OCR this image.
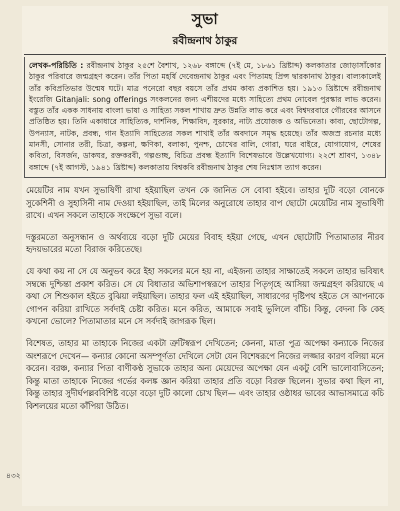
সুভা
রবীন্দ্রনাথ ঠাকুর
লেখক-পরিচিতি : রবীন্দ্রনাথ ঠাকুর ২৫শে বৈশাখ, ১২৬৮ বঙ্গাব্দে (৭ই মে, ১৮৬১ খ্রিষ্টাব্দ) কলকাতার জোড়াসাঁকোর ঠাকুর পরিবারে জন্মগ্রহণ করেন। তাঁর পিতা মহর্ষি দেবেন্দ্রনাথ ঠাকুর এবং পিতামহ প্রিন্স দ্বারকানাথ ঠাকুর। বাল্যকালেই তাঁর কবিপ্রতিভার উন্মেষ ঘটে। মাত্র পনেরো বছর বয়সে তাঁর প্রথম কাব্য প্রকাশিত হয়। ১৯১৩ খ্রিষ্টাব্দে রবীন্দ্রনাথ ইংরেজি Gitanjali: song offerings সংকলনের জন্য এশীয়দের মধ্যে সাহিত্যে প্রথম নোবেল পুরস্কার লাভ করেন। বস্তুত তাঁর একক সাধনায় বাংলা ভাষা ও সাহিত্য সকল শাখায় দ্রুত উন্নতি লাভ করে এবং বিশ্বদরবারে গৌরবের আসনে প্রতিষ্ঠিত হয়। তিনি একাধারে সাহিত্যিক, দার্শনিক, শিক্ষাবিদ, সুরকার, নাট্য প্রযোজক ও অভিনেতা। কাব্য, ছোটোগল্প, উপন্যাস, নাটক, প্রবন্ধ, গান ইত্যাদি সাহিত্যের সকল শাখাই তাঁর অবদানে সমৃদ্ধ হয়েছে। তাঁর অজস্র রচনার মধ্যে মানসী, সোনার তরী, চিত্রা, কল্পনা, ক্ষণিকা, বলাকা, পুনশ্চ, চোখের বালি, গোরা, ঘরে বাইরে, যোগাযোগ, শেষের কবিতা, বিসর্জন, ডাকঘর, রক্তকরবী, গল্পগুচ্ছ, বিচিত্র প্রবন্ধ ইত্যাদি বিশেষভাবে উল্লেখযোগ্য। ২২শে শ্রাবণ, ১৩৪৮ বঙ্গাব্দে (৭ই আগস্ট, ১৯৪১ খ্রিষ্টাব্দ) কলকাতায় বিশ্বকবি রবীন্দ্রনাথ ঠাকুর শেষ নিঃশ্বাস ত্যাগ করেন।

মেয়েটির নাম যখন সুভাষিণী রাখা হইয়াছিল তখন কে জানিত সে বোবা হইবে। তাহার দুটি বড়ো বোনকে সুকেশিনী ও সুহাসিনী নাম দেওয়া হইয়াছিল, তাই মিলের অনুরোধে তাহার বাপ ছোটো মেয়েটির নাম সুভাষিণী রাখে। এখন সকলে তাহাকে সংক্ষেপে সুভা বলে।

দস্তুরমতো অনুসন্ধান ও অর্থব্যয়ে বড়ো দুটি মেয়ের বিবাহ হইয়া গেছে, এখন ছোটোটি পিতামাতার নীরব হৃদয়ভারের মতো বিরাজ করিতেছে।

যে কথা কয় না সে যে অনুভব করে ইহা সকলের মনে হয় না, এইজন্য তাহার সাক্ষাতেই সকলে তাহার ভবিষ্যৎ সম্বন্ধে দুশ্চিন্তা প্রকাশ করিত। সে যে বিধাতার অভিশাপস্বরূপে তাহার পিতৃগৃহে আসিয়া জন্মগ্রহণ করিয়াছে এ কথা সে শিশুকাল হইতে বুঝিয়া লইয়াছিল। তাহার ফল এই হইয়াছিল, সাধারণের দৃষ্টিপথ হইতে সে আপনাকে গোপন করিয়া রাখিতে সর্বদাই চেষ্টা করিত। মনে করিত, আমাকে সবাই ভুলিলে বাঁচি। কিন্তু, বেদনা কি কেহ কখনো ভোলে? পিতামাতার মনে সে সর্বদাই জাগরূক ছিল।

বিশেষত, তাহার মা তাহাকে নিজের একটা ত্রুটিস্বরূপ দেখিতেন; কেননা, মাতা পুত্র অপেক্ষা কন্যাকে নিজের অংশরূপে দেখেন— কন্যার কোনো অসম্পূর্ণতা দেখিলে সেটা যেন বিশেষরূপে নিজের লজ্জার কারণ বলিয়া মনে করেন। বরঞ্চ, কন্যার পিতা বাণীকণ্ঠ সুভাকে তাহার অন্য মেয়েদের অপেক্ষা যেন একটু বেশি ভালোবাসিতেন; কিন্তু মাতা তাহাকে নিজের গর্ভের কলঙ্ক জ্ঞান করিয়া তাহার প্রতি বড়ো বিরক্ত ছিলেন। সুভার কথা ছিল না, কিন্তু তাহার সুদীর্ঘপল্লববিশিষ্ট বড়ো বড়ো দুটি কালো চোখ ছিল— এবং তাহার ওষ্ঠাধর ভাবের আভাসমাত্রে কচি কিশলয়ের মতো কাঁপিয়া উঠিত।

৪৩২
